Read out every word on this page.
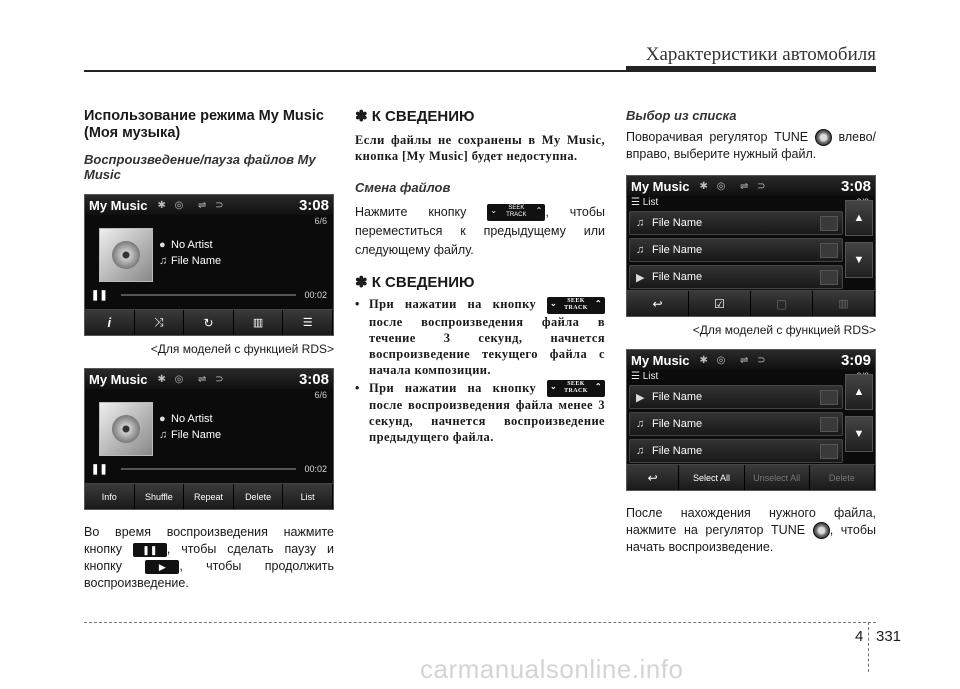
Характеристики автомобиля
Использование режима My Music (Моя музыка)
Воспроизведение/пауза файлов My Music
My Music ✱ ◎  ⇌ ⊃	3:08
6/6
● No Artist
♫ File Name
❚❚	00:02
i	⤨	↻	▥	☰
<Для моделей с функцией RDS>
My Music ✱ ◎  ⇌ ⊃	3:08
6/6
● No Artist
♫ File Name
❚❚	00:02
Info	Shuffle	Repeat	Delete	List
Во время воспроизведения нажмите кнопку ❚❚ , чтобы сделать паузу и кнопку	▶ , чтобы продолжить воспроизведение.
✽ К СВЕДЕНИЮ
Если файлы не сохранены в My Music, кнопка [My Music] будет недоступна.
Смена файлов
Нажмите кнопку	⌄ SEEK
TRACK ⌃ , чтобы переместиться к предыдущему или следующему файлу.
✽ К СВЕДЕНИЮ
• При нажатии на кнопку ⌄ SEEK
TRACK ⌃
после воспроизведения файла в течение 3 секунд, начнется воспроизведение текущего файла с начала композиции.
• При нажатии на кнопку ⌄ SEEK
TRACK ⌃
после воспроизведения файла менее 3 секунд, начнется воспроизведение предыдущего файла.
Выбор из списка
Поворачивая регулятор TUNE влево/вправо, выберите нужный файл.
My Music ✱ ◎  ⇌ ⊃	3:08
☰ List
♫ File Name
♫ File Name
▶ File Name
▲
▼
↩	☑	▢	▥
<Для моделей с функцией RDS>
My Music ✱ ◎  ⇌ ⊃	3:09
☰ List
▶ File Name
♫ File Name
♫ File Name
▲
▼
↩	Select All	Unselect All	Delete
После нахождения нужного файла, нажмите на регулятор TUNE , чтобы начать воспроизведение.
4 331
carmanualsonline.info
